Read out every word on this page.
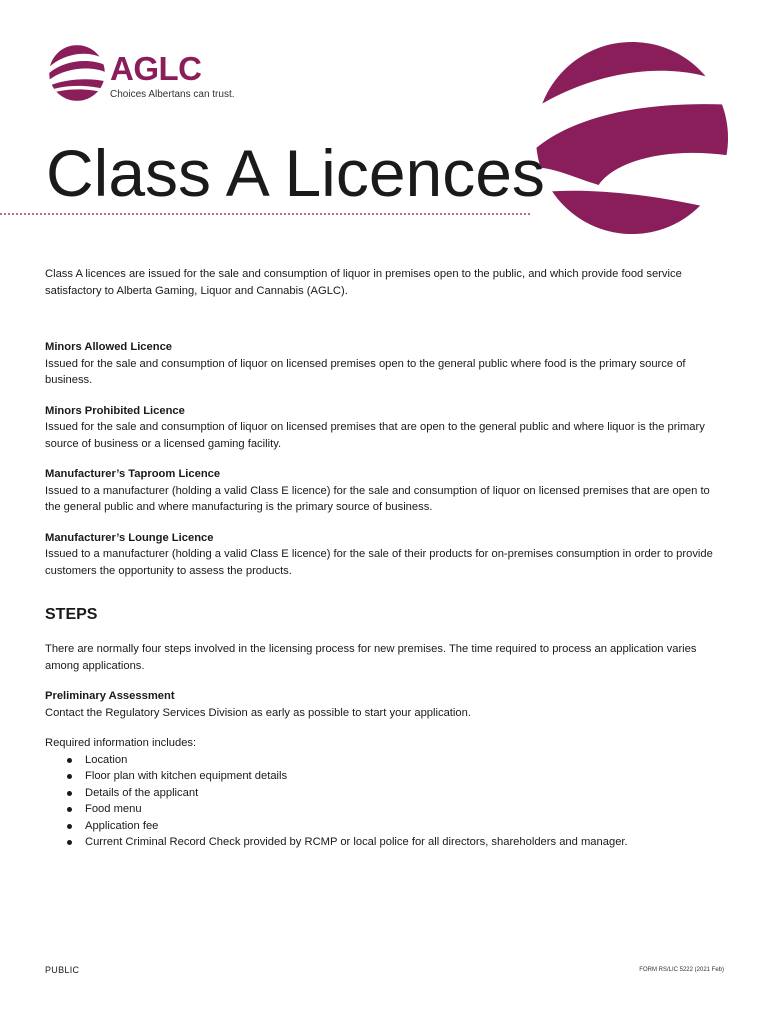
AGLC
Choices Albertans can trust.
Class A Licences

Class A licences are issued for the sale and consumption of liquor in premises open to the public, and which provide food service satisfactory to Alberta Gaming, Liquor and Cannabis (AGLC).

Minors Allowed Licence

Issued for the sale and consumption of liquor on licensed premises open to the general public where food is the primary source of business.

Minors Prohibited Licence

Issued for the sale and consumption of liquor on licensed premises that are open to the general public and where liquor is the primary source of business or a licensed gaming facility.

Manufacturer’s Taproom Licence

Issued to a manufacturer (holding a valid Class E licence) for the sale and consumption of liquor on licensed premises that are open to the general public and where manufacturing is the primary source of business.

Manufacturer’s Lounge Licence

Issued to a manufacturer (holding a valid Class E licence) for the sale of their products for on-premises consumption in order to provide customers the opportunity to assess the products.

STEPS

There are normally four steps involved in the licensing process for new premises. The time required to process an application varies among applications.

Preliminary Assessment

Contact the Regulatory Services Division as early as possible to start your application.

Required information includes:

Location
Floor plan with kitchen equipment details
Details of the applicant
Food menu
Application fee
Current Criminal Record Check provided by RCMP or local police for all directors, shareholders and manager.
PUBLIC	FORM RS/LIC 5222 (2021 Feb)
